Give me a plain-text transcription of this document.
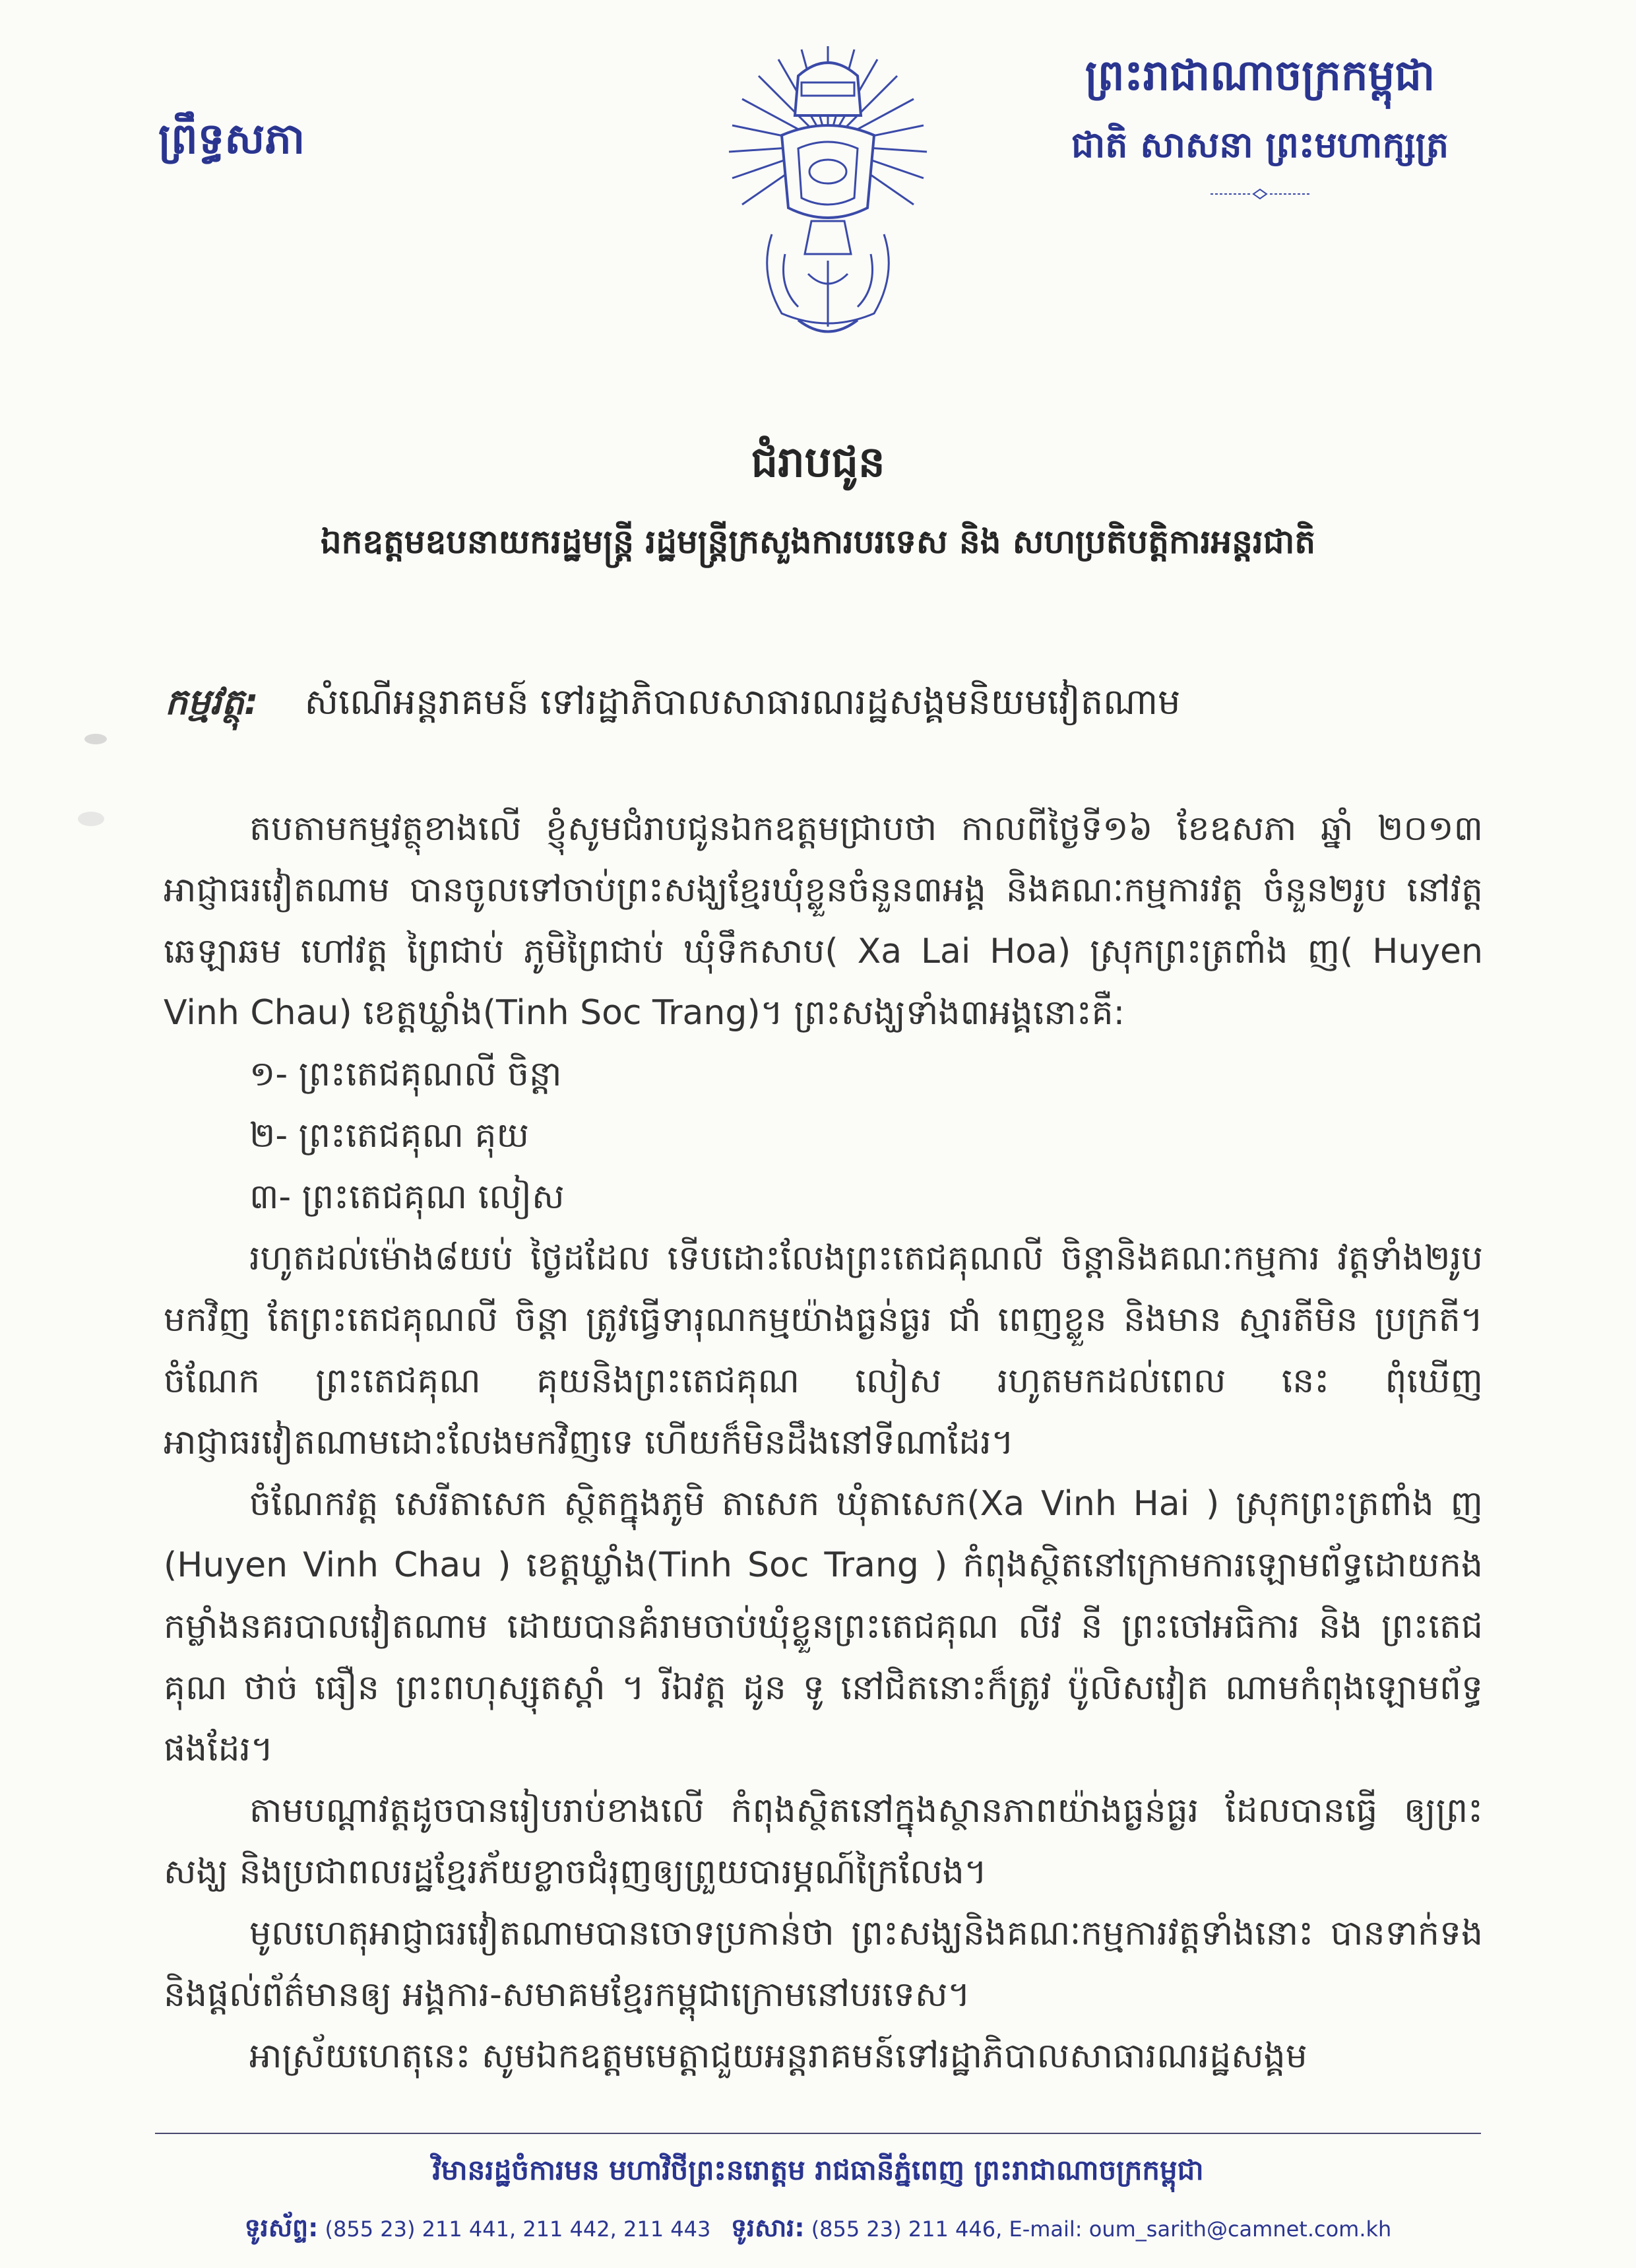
ព្រឹទ្ធសភា
ព្រះរាជាណាចក្រកម្ពុជា
ជាតិ សាសនា ព្រះមហាក្សត្រ
ជំរាបជូន
ឯកឧត្តមឧបនាយករដ្ឋមន្ត្រី រដ្ឋមន្ត្រីក្រសួងការបរទេស និង សហប្រតិបត្តិការអន្តរជាតិ
កម្មវត្ថុ: សំណើអន្តរាគមន៍ ទៅរដ្ឋាភិបាលសាធារណរដ្ឋសង្គមនិយមវៀតណាម

តបតាមកម្មវត្ថុខាងលើ ខ្ញុំសូមជំរាបជូនឯកឧត្តមជ្រាបថា កាលពីថ្ងៃទី១៦ ខែឧសភា ឆ្នាំ ២០១៣ អាជ្ញាធរវៀតណាម បានចូលទៅចាប់ព្រះសង្ឃខ្មែរឃុំខ្លួនចំនួន៣អង្គ និងគណៈកម្មការវត្ត ចំនួន២រូប នៅវត្ត ឆេឡាឆម ហៅវត្ត ព្រៃជាប់ ភូមិព្រៃជាប់ ឃុំទឹកសាប( Xa Lai Hoa) ស្រុកព្រះត្រពាំង ញ( Huyen Vinh Chau) ខេត្តឃ្លាំង(Tinh Soc Trang)។ ព្រះសង្ឃទាំង៣អង្គនោះគឺ:

១- ព្រះតេជគុណលី ចិន្តា
២- ព្រះតេជគុណ គុយ
៣- ព្រះតេជគុណ លៀស

រហូតដល់ម៉ោង៨យប់ ថ្ងៃដដែល ទើបដោះលែងព្រះតេជគុណលី ចិន្តានិងគណៈកម្មការ វត្តទាំង២រូបមកវិញ តែព្រះតេជគុណលី ចិន្តា ត្រូវធ្វើទារុណកម្មយ៉ាងធ្ងន់ធ្ងរ ជាំ ពេញខ្លួន និងមាន ស្មារតីមិន ប្រក្រតី។ ចំណែក ព្រះតេជគុណ គុយនិងព្រះតេជគុណ លៀស រហូតមកដល់ពេល នេះ ពុំឃើញ អាជ្ញាធរវៀតណាមដោះលែងមកវិញទេ ហើយក៏មិនដឹងនៅទីណាដែរ។

ចំណែកវត្ត សេរីតាសេក ស្ថិតក្នុងភូមិ តាសេក ឃុំតាសេក(Xa Vinh Hai ) ស្រុកព្រះត្រពាំង ញ (Huyen Vinh Chau ) ខេត្តឃ្លាំង(Tinh Soc Trang ) កំពុងស្ថិតនៅក្រោមការឡោមព័ទ្ធដោយកង កម្លាំងនគរបាលវៀតណាម ដោយបានគំរាមចាប់ឃុំខ្លួនព្រះតេជគុណ លីវ នី ព្រះចៅអធិការ និង ព្រះតេជគុណ ថាច់ ធឿន ព្រះពហុស្សុតស្តាំ ។ រីឯវត្ត ដូន ទូ នៅជិតនោះក៏ត្រូវ ប៉ូលិសវៀត ណាមកំពុងឡោមព័ទ្ធផងដែរ។

តាមបណ្តាវត្តដូចបានរៀបរាប់ខាងលើ កំពុងស្ថិតនៅក្នុងស្ថានភាពយ៉ាងធ្ងន់ធ្ងរ ដែលបានធ្វើ ឲ្យព្រះសង្ឃ និងប្រជាពលរដ្ឋខ្មែរភ័យខ្លាចជំរុញឲ្យព្រួយបារម្ភណ៍ក្រៃលែង។

មូលហេតុអាជ្ញាធរវៀតណាមបានចោទប្រកាន់ថា ព្រះសង្ឃនិងគណៈកម្មការវត្តទាំងនោះ បានទាក់ទង និងផ្តល់ព័ត៌មានឲ្យ អង្គការ-សមាគមខ្មែរកម្ពុជាក្រោមនៅបរទេស។

អាស្រ័យហេតុនេះ សូមឯកឧត្តមមេត្តាជួយអន្តរាគមន៍ទៅរដ្ឋាភិបាលសាធារណរដ្ឋសង្គម

វិមានរដ្ឋចំការមន មហាវិថីព្រះនរោត្តម រាជធានីភ្នំពេញ ព្រះរាជាណាចក្រកម្ពុជា
ទូរស័ព្ទ: (855 23) 211 441, 211 442, 211 443 ទូរសារ: (855 23) 211 446, E-mail: oum_sarith@camnet.com.kh
